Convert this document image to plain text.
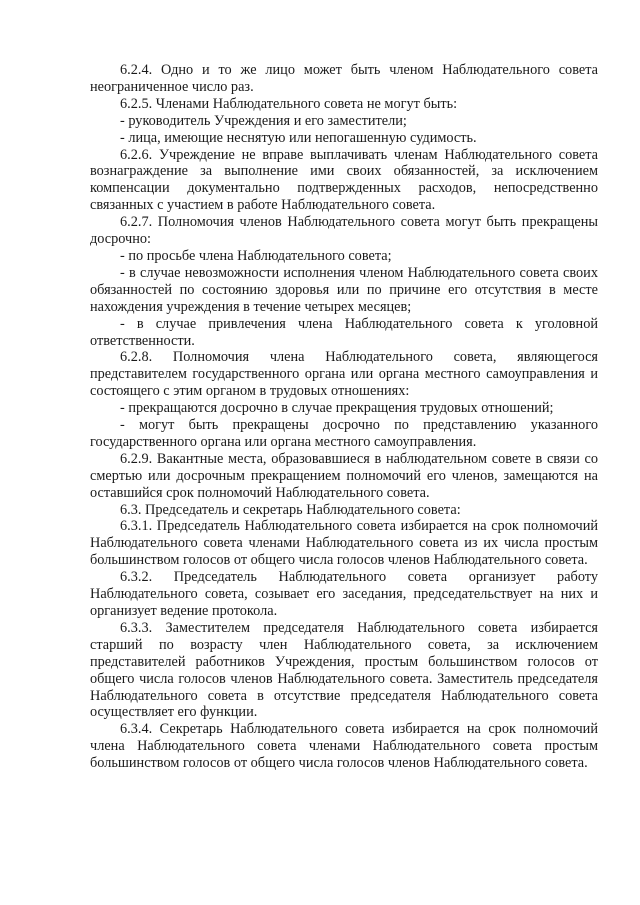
6.2.4. Одно и то же лицо может быть членом Наблюдательного совета неограниченное число раз.

6.2.5. Членами Наблюдательного совета не могут быть:

- руководитель Учреждения и его заместители;

- лица, имеющие неснятую или непогашенную судимость.

6.2.6. Учреждение не вправе выплачивать членам Наблюдательного совета вознаграждение за выполнение ими своих обязанностей, за исключением компенсации документально подтвержденных расходов, непосредственно связанных с участием в работе Наблюдательного совета.

6.2.7. Полномочия членов Наблюдательного совета могут быть прекращены досрочно:

- по просьбе члена Наблюдательного совета;

- в случае невозможности исполнения членом Наблюдательного совета своих обязанностей по состоянию здоровья или по причине его отсутствия в месте нахождения учреждения в течение четырех месяцев;

- в случае привлечения члена Наблюдательного совета к уголовной ответственности.

6.2.8. Полномочия члена Наблюдательного совета, являющегося представителем государственного органа или органа местного самоуправления и состоящего с этим органом в трудовых отношениях:

- прекращаются досрочно в случае прекращения трудовых отношений;

- могут быть прекращены досрочно по представлению указанного государственного органа или органа местного самоуправления.

6.2.9. Вакантные места, образовавшиеся в наблюдательном совете в связи со смертью или досрочным прекращением полномочий его членов, замещаются на оставшийся срок полномочий Наблюдательного совета.

6.3. Председатель и секретарь Наблюдательного совета:

6.3.1. Председатель Наблюдательного совета избирается на срок полномочий Наблюдательного совета членами Наблюдательного совета из их числа простым большинством голосов от общего числа голосов членов Наблюдательного совета.

6.3.2. Председатель Наблюдательного совета организует работу Наблюдательного совета, созывает его заседания, председательствует на них и организует ведение протокола.

6.3.3. Заместителем председателя Наблюдательного совета избирается старший по возрасту член Наблюдательного совета, за исключением представителей работников Учреждения, простым большинством голосов от общего числа голосов членов Наблюдательного совета. Заместитель председателя Наблюдательного совета в отсутствие председателя Наблюдательного совета осуществляет его функции.

6.3.4. Секретарь Наблюдательного совета избирается на срок полномочий члена Наблюдательного совета членами Наблюдательного совета простым большинством голосов от общего числа голосов членов Наблюдательного совета.
